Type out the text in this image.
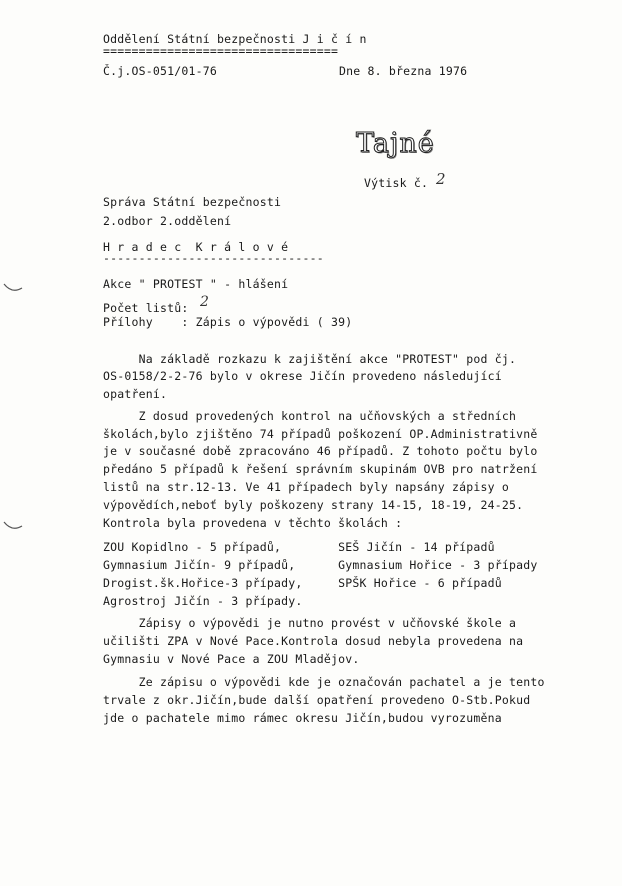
Oddělení Státní bezpečnosti J i č í n
=================================
Č.j.OS-051/01-76	Dne 8. března 1976
Tajné
Výtisk č. 2
Správa Státní bezpečnosti
2.odbor 2.oddělení
H r a d e c  K r á l o v é
-------------------------------
Akce " PROTEST " - hlášení
Počet listů: 2
Přílohy    : Zápis o výpovědi ( 39)
Na základě rozkazu k zajištění akce "PROTEST" pod čj.
OS-0158/2-2-76 bylo v okrese Jičín provedeno následující
opatření.
Z dosud provedených kontrol na učňovských a středních
školách,bylo zjištěno 74 případů poškození OP.Administrativně
je v současné době zpracováno 46 případů. Z tohoto počtu bylo
předáno 5 případů k řešení správním skupinám OVB pro natržení
listů na str.12-13. Ve 41 případech byly napsány zápisy o
výpovědích,neboť byly poškozeny strany 14-15, 18-19, 24-25.
Kontrola byla provedena v těchto školách :
ZOU Kopidlno - 5 případů,        SEŠ Jičín - 14 případů
Gymnasium Jičín- 9 případů,      Gymnasium Hořice - 3 případy
Drogist.šk.Hořice-3 případy,     SPŠK Hořice - 6 případů
Agrostroj Jičín - 3 případy.
Zápisy o výpovědi je nutno provést v učňovské škole a
učilišti ZPA v Nové Pace.Kontrola dosud nebyla provedena na
Gymnasiu v Nové Pace a ZOU Mladějov.
Ze zápisu o výpovědi kde je označován pachatel a je tento
trvale z okr.Jičín,bude další opatření provedeno O-Stb.Pokud
jde o pachatele mimo rámec okresu Jičín,budou vyrozuměna
